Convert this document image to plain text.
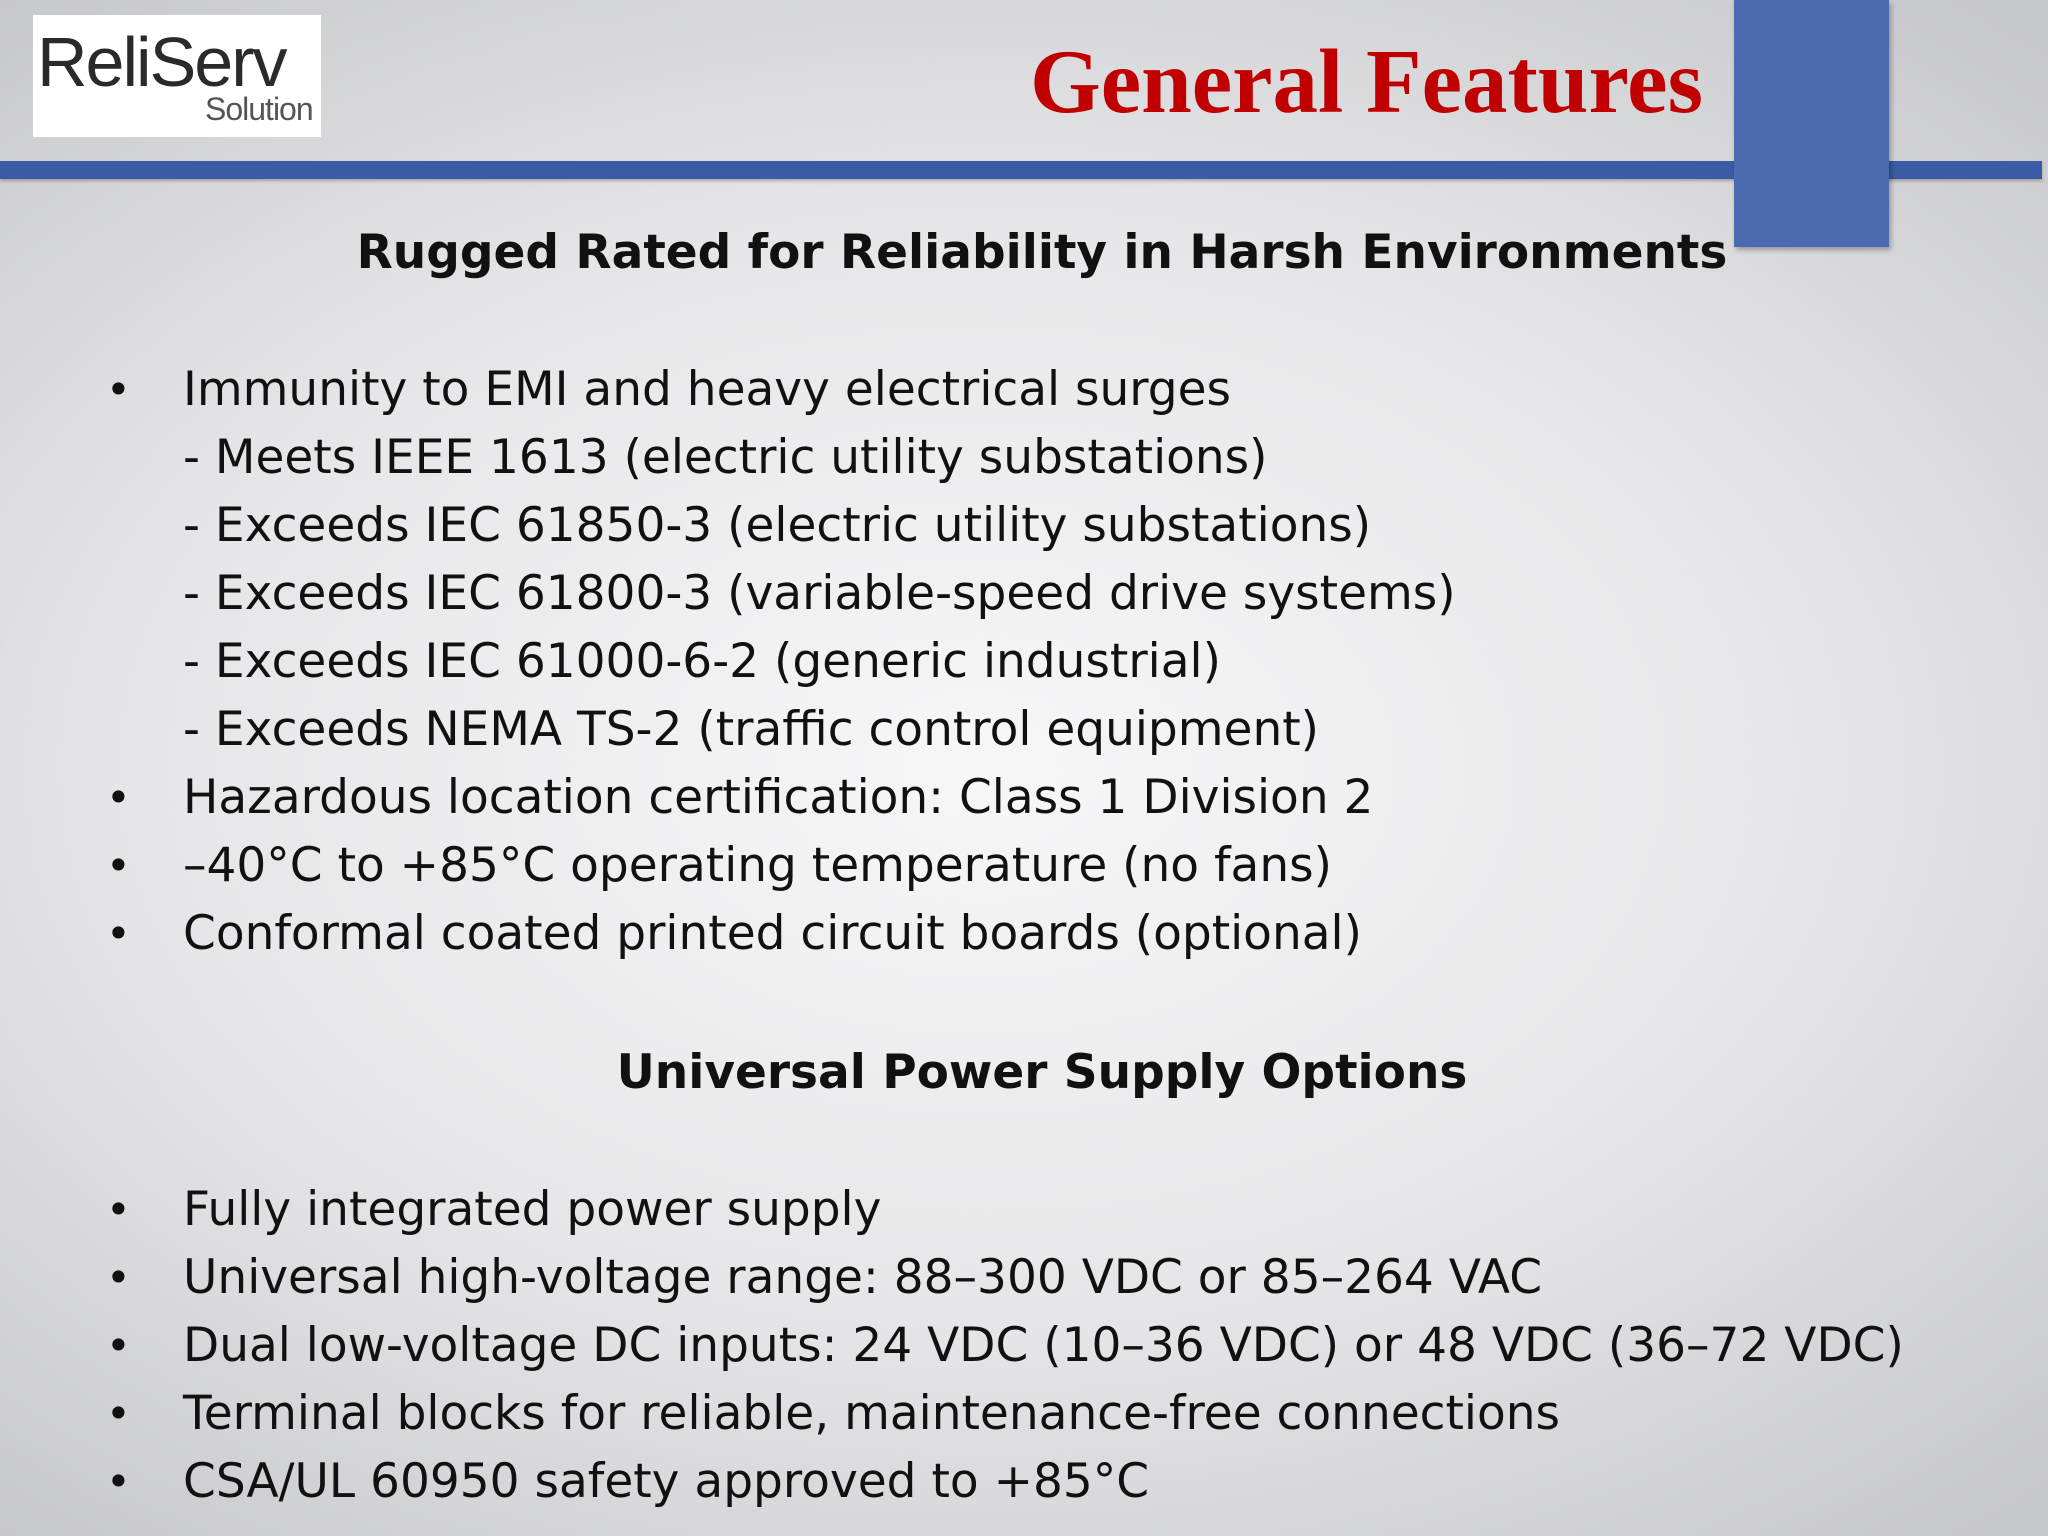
ReliServ
Solution	General Features
Rugged Rated for Reliability in Harsh Environments
• Immunity to EMI and heavy electrical surges
- Meets IEEE 1613 (electric utility substations)
- Exceeds IEC 61850-3 (electric utility substations)
- Exceeds IEC 61800-3 (variable-speed drive systems)
- Exceeds IEC 61000-6-2 (generic industrial)
- Exceeds NEMA TS-2 (traffic control equipment)
• Hazardous location certification: Class 1 Division 2
• –40°C to +85°C operating temperature (no fans)
• Conformal coated printed circuit boards (optional)
Universal Power Supply Options
• Fully integrated power supply
• Universal high-voltage range: 88–300 VDC or 85–264 VAC
• Dual low-voltage DC inputs: 24 VDC (10–36 VDC) or 48 VDC (36–72 VDC)
• Terminal blocks for reliable, maintenance-free connections
• CSA/UL 60950 safety approved to +85°C
